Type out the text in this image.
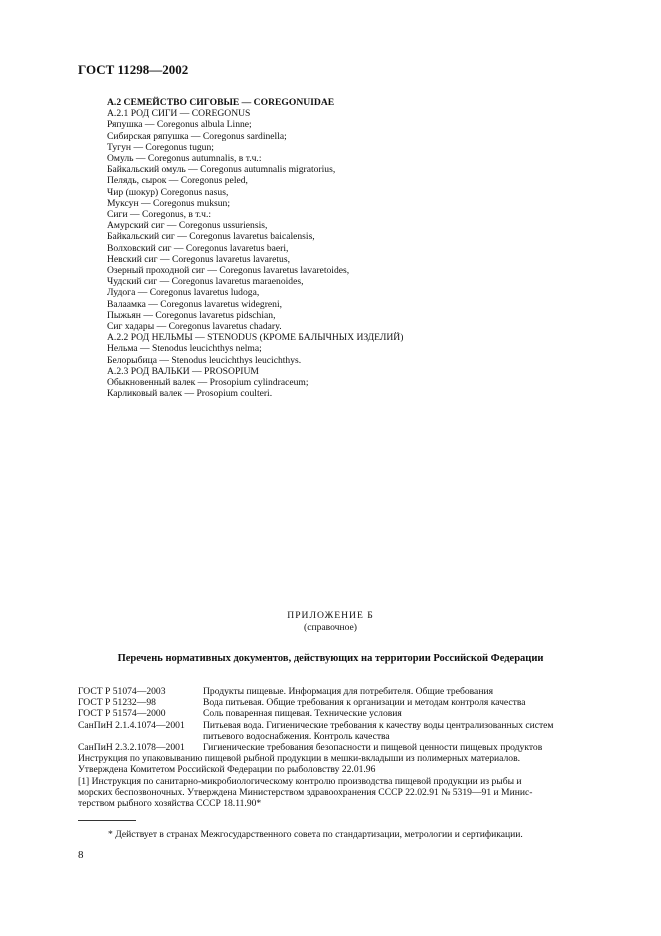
ГОСТ 11298—2002
А.2 СЕМЕЙСТВО СИГОВЫЕ — COREGONUIDAE
А.2.1 РОД СИГИ — COREGONUS
Ряпушка — Coregonus albula Linne;
Сибирская ряпушка — Coregonus sardinella;
Тугун — Coregonus tugun;
Омуль — Coregonus autumnalis, в т.ч.:
Байкальский омуль — Coregonus autumnalis migratorius,
Пелядь, сырок — Coregonus peled,
Чир (шокур) Coregonus nasus,
Муксун — Coregonus muksun;
Сиги — Coregonus, в т.ч.:
Амурский сиг — Coregonus ussuriensis,
Байкальский сиг — Coregonus lavaretus baicalensis,
Волховский сиг — Coregonus lavaretus baeri,
Невский сиг — Coregonus lavaretus lavaretus,
Озерный проходной сиг — Coregonus lavaretus lavaretoides,
Чудский сиг — Coregonus lavaretus maraenoides,
Лудога — Coregonus lavaretus ludoga,
Валаамка — Coregonus lavaretus widegreni,
Пыжьян — Coregonus lavaretus pidschian,
Сиг хадары — Coregonus lavaretus chadary.
А.2.2 РОД НЕЛЬМЫ — STENODUS (КРОМЕ БАЛЫЧНЫХ ИЗДЕЛИЙ)
Нельма — Stenodus leucichthys nelma;
Белорыбица — Stenodus leucichthys leucichthys.
А.2.3 РОД ВАЛЬКИ — PROSOPIUM
Обыкновенный валек — Prosopium cylindraceum;
Карликовый валек — Prosopium coulteri.
ПРИЛОЖЕНИЕ Б
(справочное)
Перечень нормативных документов, действующих на территории Российской Федерации
ГОСТ Р 51074—2003	Продукты пищевые. Информация для потребителя. Общие требования
ГОСТ Р 51232—98	Вода питьевая. Общие требования к организации и методам контроля качества
ГОСТ Р 51574—2000	Соль поваренная пищевая. Технические условия
СанПиН 2.1.4.1074—2001	Питьевая вода. Гигиенические требования к качеству воды централизованных систем
питьевого водоснабжения. Контроль качества
СанПиН 2.3.2.1078—2001	Гигиенические требования безопасности и пищевой ценности пищевых продуктов
Инструкция по упаковыванию пищевой рыбной продукции в мешки-вкладыши из полимерных материалов.
Утверждена Комитетом Российской Федерации по рыболовству 22.01.96
[1] Инструкция по санитарно-микробиологическому контролю производства пищевой продукции из рыбы и
морских беспозвоночных. Утверждена Министерством здравоохранения СССР 22.02.91 № 5319—91 и Минис-
терством рыбного хозяйства СССР 18.11.90*
* Действует в странах Межгосударственного совета по стандартизации, метрологии и сертификации.
8
